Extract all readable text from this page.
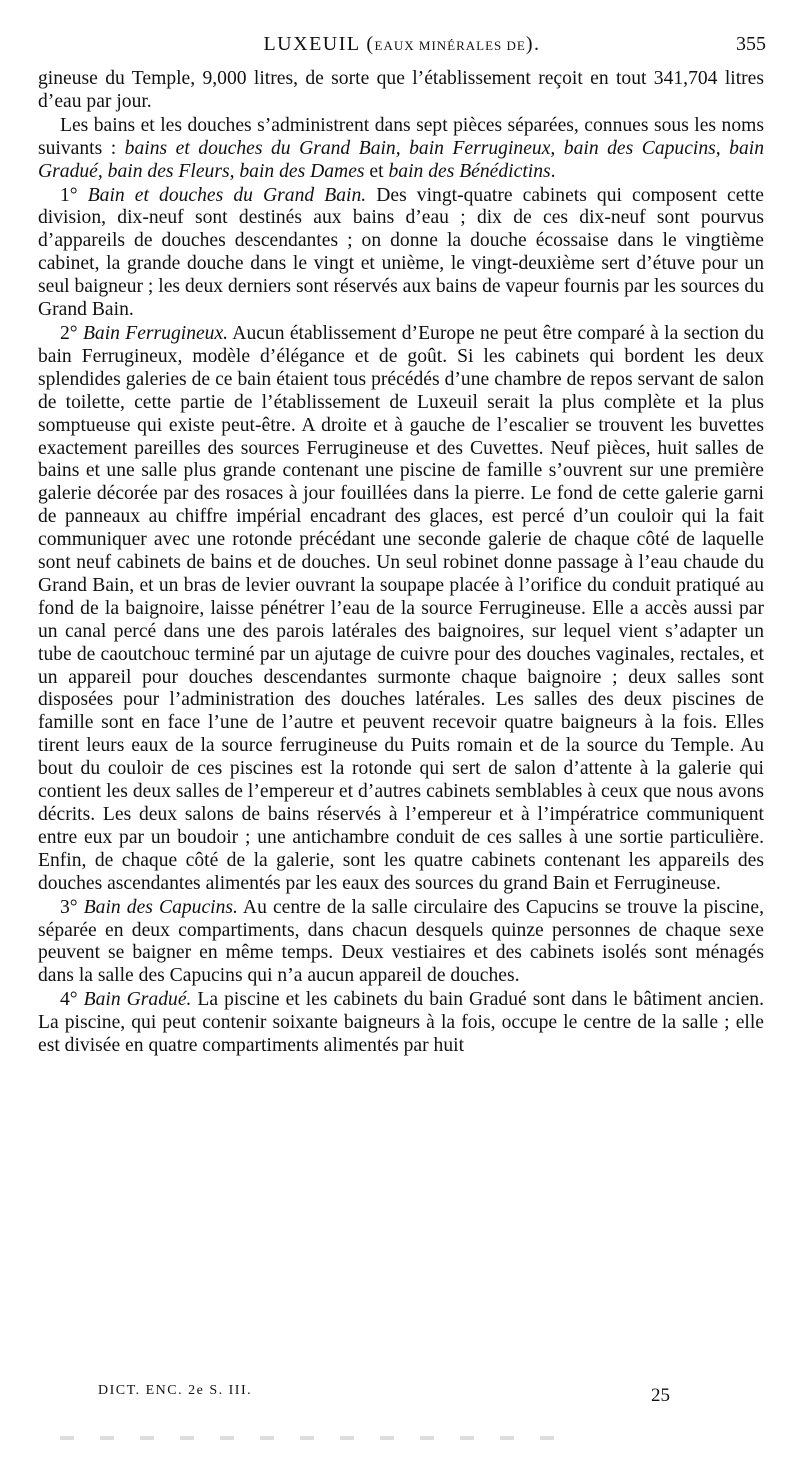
LUXEUIL (EAUX MINÉRALES DE).	355

gineuse du Temple, 9,000 litres, de sorte que l’établissement reçoit en tout 341,704 litres d’eau par jour.

Les bains et les douches s’administrent dans sept pièces séparées, connues sous les noms suivants : bains et douches du Grand Bain, bain Ferrugineux, bain des Capucins, bain Gradué, bain des Fleurs, bain des Dames et bain des Bénédictins.

1° Bain et douches du Grand Bain. Des vingt-quatre cabinets qui composent cette division, dix-neuf sont destinés aux bains d’eau ; dix de ces dix-neuf sont pourvus d’appareils de douches descendantes ; on donne la douche écossaise dans le vingtième cabinet, la grande douche dans le vingt et unième, le vingt-deuxième sert d’étuve pour un seul baigneur ; les deux derniers sont réservés aux bains de vapeur fournis par les sources du Grand Bain.

2° Bain Ferrugineux. Aucun établissement d’Europe ne peut être comparé à la section du bain Ferrugineux, modèle d’élégance et de goût. Si les cabinets qui bordent les deux splendides galeries de ce bain étaient tous précédés d’une chambre de repos servant de salon de toilette, cette partie de l’établissement de Luxeuil serait la plus complète et la plus somptueuse qui existe peut-être. A droite et à gauche de l’escalier se trouvent les buvettes exactement pareilles des sources Ferrugineuse et des Cuvettes. Neuf pièces, huit salles de bains et une salle plus grande contenant une piscine de famille s’ouvrent sur une première galerie décorée par des rosaces à jour fouillées dans la pierre. Le fond de cette galerie garni de panneaux au chiffre impérial encadrant des glaces, est percé d’un couloir qui la fait communiquer avec une rotonde précédant une seconde galerie de chaque côté de laquelle sont neuf cabinets de bains et de douches. Un seul robinet donne passage à l’eau chaude du Grand Bain, et un bras de levier ouvrant la soupape placée à l’orifice du conduit pratiqué au fond de la baignoire, laisse pénétrer l’eau de la source Ferrugineuse. Elle a accès aussi par un canal percé dans une des parois latérales des baignoires, sur lequel vient s’adapter un tube de caoutchouc terminé par un ajutage de cuivre pour des douches vaginales, rectales, et un appareil pour douches descendantes surmonte chaque baignoire ; deux salles sont disposées pour l’administration des douches latérales. Les salles des deux piscines de famille sont en face l’une de l’autre et peuvent recevoir quatre baigneurs à la fois. Elles tirent leurs eaux de la source ferrugineuse du Puits romain et de la source du Temple. Au bout du couloir de ces piscines est la rotonde qui sert de salon d’attente à la galerie qui contient les deux salles de l’empereur et d’autres cabinets semblables à ceux que nous avons décrits. Les deux salons de bains réservés à l’empereur et à l’impératrice communiquent entre eux par un boudoir ; une antichambre conduit de ces salles à une sortie particulière. Enfin, de chaque côté de la galerie, sont les quatre cabinets contenant les appareils des douches ascendantes alimentés par les eaux des sources du grand Bain et Ferrugineuse.

3° Bain des Capucins. Au centre de la salle circulaire des Capucins se trouve la piscine, séparée en deux compartiments, dans chacun desquels quinze personnes de chaque sexe peuvent se baigner en même temps. Deux vestiaires et des cabinets isolés sont ménagés dans la salle des Capucins qui n’a aucun appareil de douches.

4° Bain Gradué. La piscine et les cabinets du bain Gradué sont dans le bâtiment ancien. La piscine, qui peut contenir soixante baigneurs à la fois, occupe le centre de la salle ; elle est divisée en quatre compartiments alimentés par huit

DICT. ENC. 2e S. III.	25
